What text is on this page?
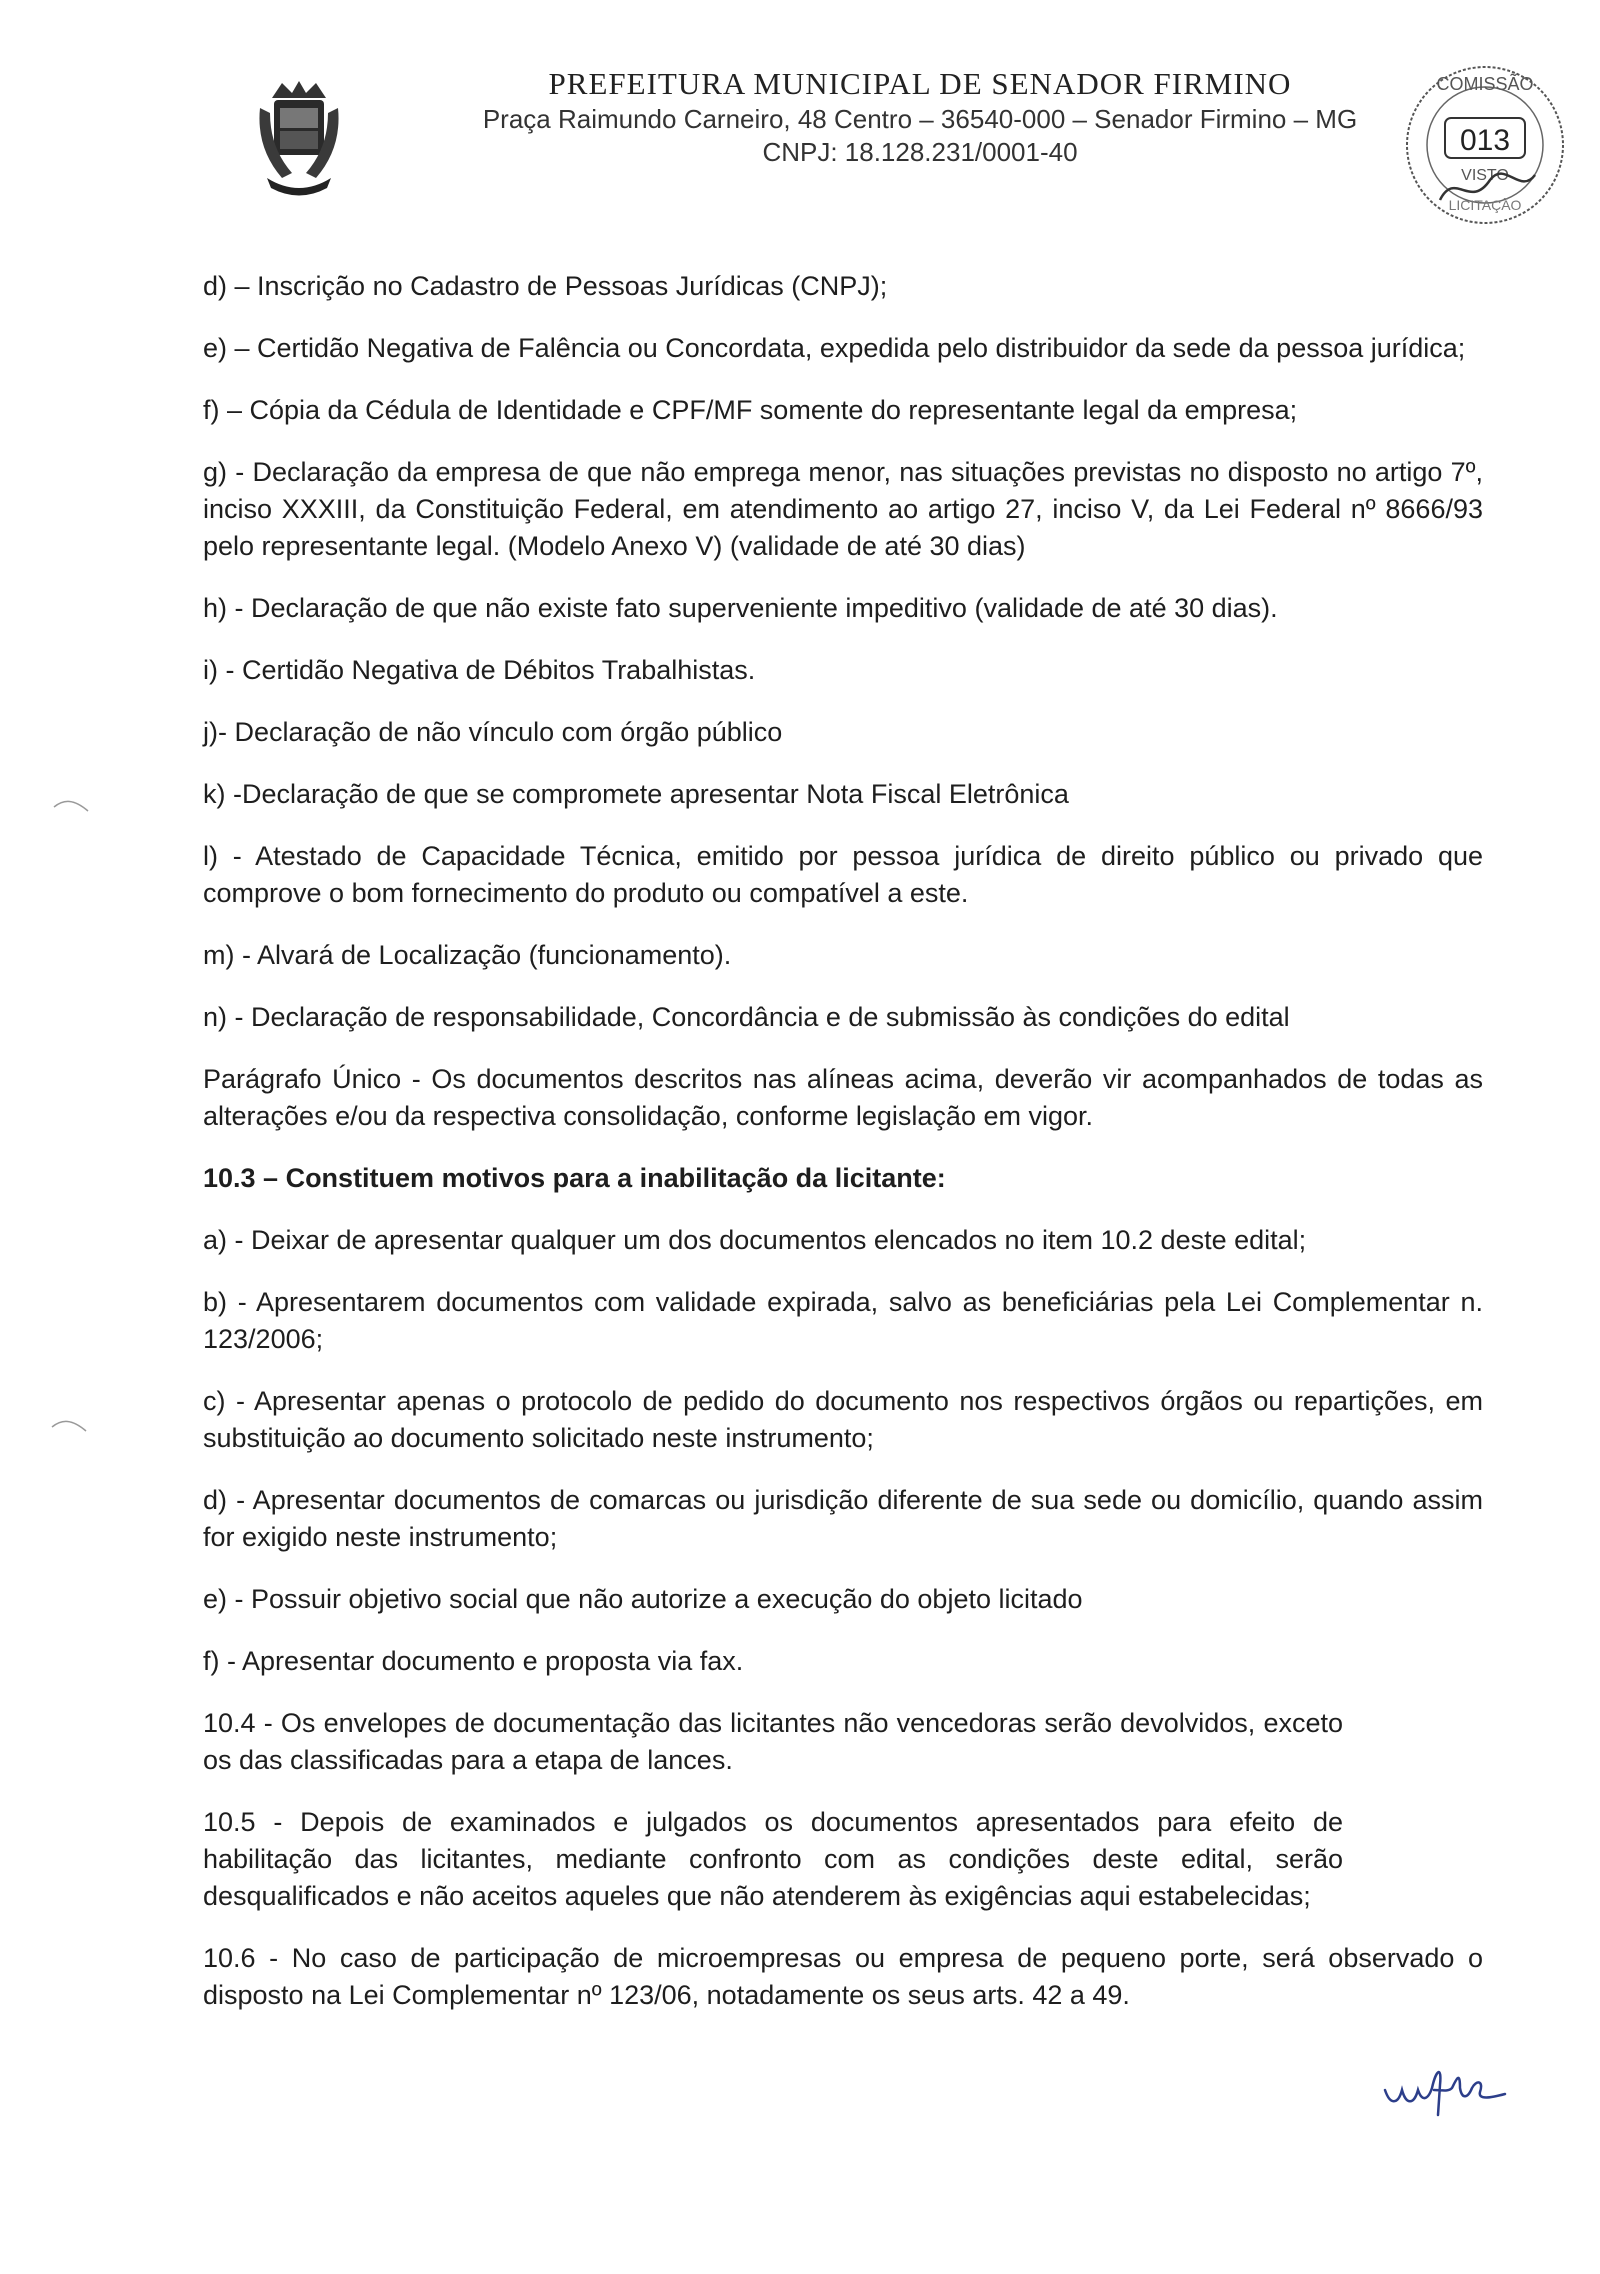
PREFEITURA MUNICIPAL DE SENADOR FIRMINO
Praça Raimundo Carneiro, 48 Centro – 36540-000 – Senador Firmino – MG
CNPJ: 18.128.231/0001-40
COMISSÃO
013
VISTO
LICITAÇÃO

d) – Inscrição no Cadastro de Pessoas Jurídicas (CNPJ);

e) – Certidão Negativa de Falência ou Concordata, expedida pelo distribuidor da sede da pessoa jurídica;

f) – Cópia da Cédula de Identidade e CPF/MF somente do representante legal da empresa;

g) - Declaração da empresa de que não emprega menor, nas situações previstas no disposto no artigo 7º, inciso XXXIII, da Constituição Federal, em atendimento ao artigo 27, inciso V, da Lei Federal nº 8666/93 pelo representante legal. (Modelo Anexo V) (validade de até 30 dias)

h) - Declaração de que não existe fato superveniente impeditivo (validade de até 30 dias).

i) - Certidão Negativa de Débitos Trabalhistas.

j)- Declaração de não vínculo com órgão público

k) -Declaração de que se compromete apresentar Nota Fiscal Eletrônica

l) - Atestado de Capacidade Técnica, emitido por pessoa jurídica de direito público ou privado que comprove o bom fornecimento do produto ou compatível a este.

m) - Alvará de Localização (funcionamento).

n) - Declaração de responsabilidade, Concordância e de submissão às condições do edital

Parágrafo Único - Os documentos descritos nas alíneas acima, deverão vir acompanhados de todas as alterações e/ou da respectiva consolidação, conforme legislação em vigor.

10.3 – Constituem motivos para a inabilitação da licitante:

a) - Deixar de apresentar qualquer um dos documentos elencados no item 10.2 deste edital;

b) - Apresentarem documentos com validade expirada, salvo as beneficiárias pela Lei Complementar n. 123/2006;

c) - Apresentar apenas o protocolo de pedido do documento nos respectivos órgãos ou repartições, em substituição ao documento solicitado neste instrumento;

d) - Apresentar documentos de comarcas ou jurisdição diferente de sua sede ou domicílio, quando assim for exigido neste instrumento;

e) - Possuir objetivo social que não autorize a execução do objeto licitado

f) - Apresentar documento e proposta via fax.

10.4 - Os envelopes de documentação das licitantes não vencedoras serão devolvidos, exceto os das classificadas para a etapa de lances.

10.5 - Depois de examinados e julgados os documentos apresentados para efeito de habilitação das licitantes, mediante confronto com as condições deste edital, serão desqualificados e não aceitos aqueles que não atenderem às exigências aqui estabelecidas;

10.6 - No caso de participação de microempresas ou empresa de pequeno porte, será observado o disposto na Lei Complementar nº 123/06, notadamente os seus arts. 42 a 49.
